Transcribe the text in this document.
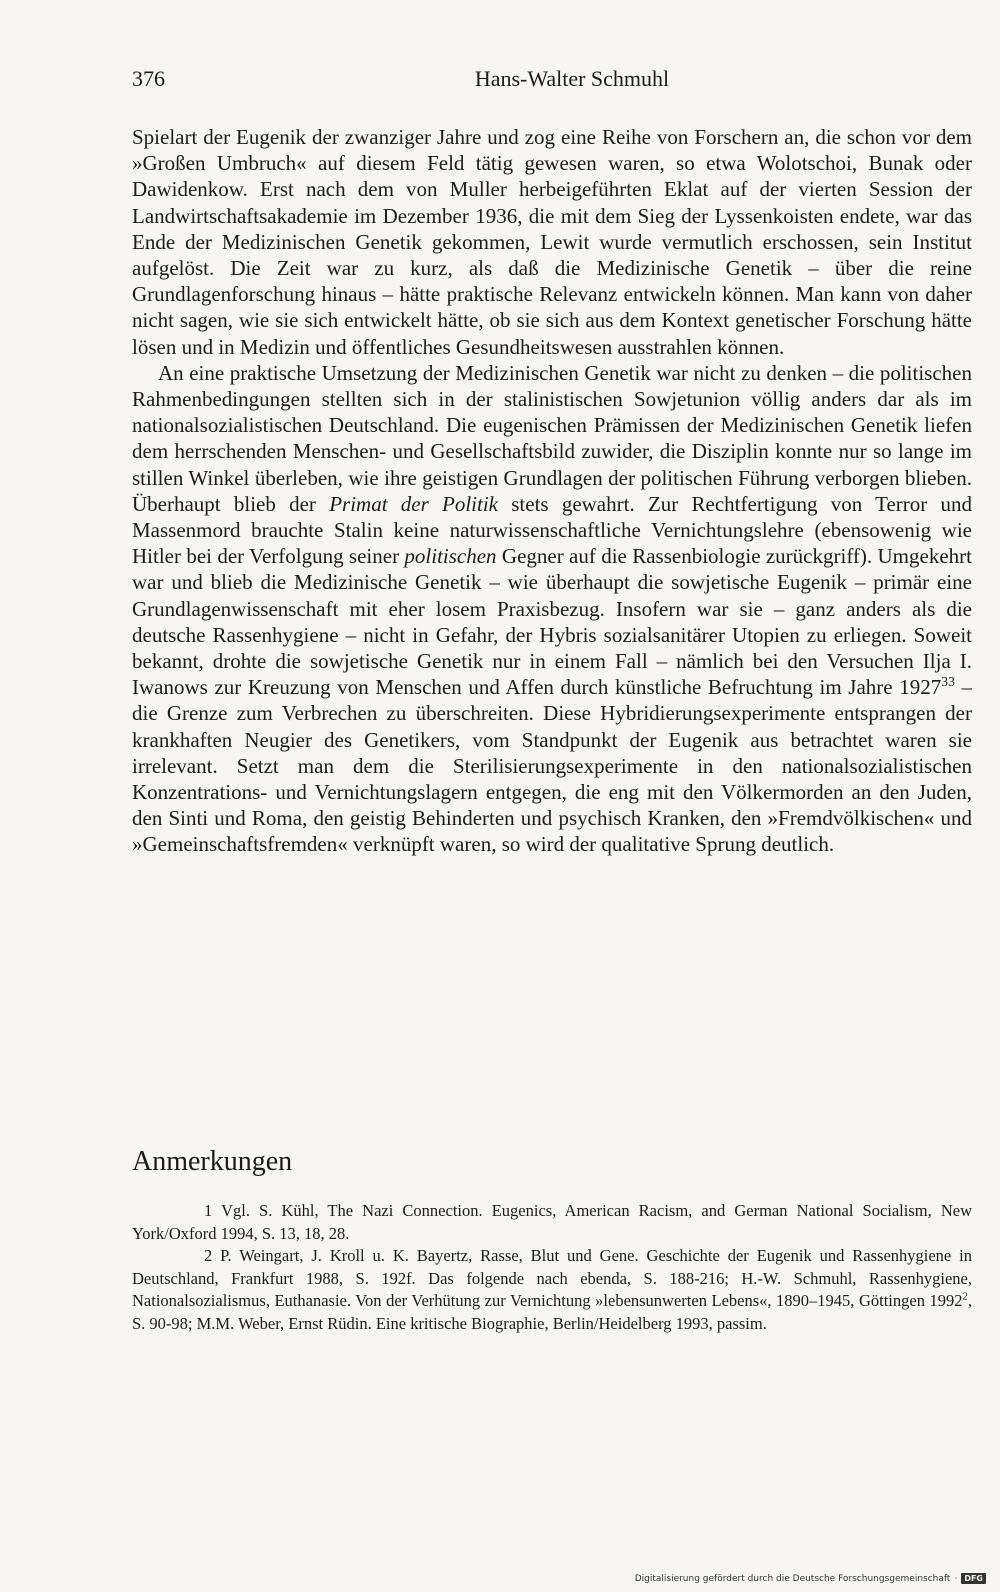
376	Hans-Walter Schmuhl

Spielart der Eugenik der zwanziger Jahre und zog eine Reihe von Forschern an, die schon vor dem »Großen Umbruch« auf diesem Feld tätig gewesen waren, so etwa Wolotschoi, Bunak oder Dawidenkow. Erst nach dem von Muller herbeigeführten Eklat auf der vierten Session der Landwirtschaftsakademie im Dezember 1936, die mit dem Sieg der Lyssenkoisten endete, war das Ende der Medizinischen Genetik gekommen, Lewit wurde vermutlich erschossen, sein Institut aufgelöst. Die Zeit war zu kurz, als daß die Medizinische Genetik – über die reine Grundlagenforschung hinaus – hätte praktische Relevanz entwickeln können. Man kann von daher nicht sagen, wie sie sich entwickelt hätte, ob sie sich aus dem Kontext genetischer Forschung hätte lösen und in Medizin und öffentliches Gesundheitswesen ausstrahlen können.

An eine praktische Umsetzung der Medizinischen Genetik war nicht zu denken – die politischen Rahmenbedingungen stellten sich in der stalinistischen Sowjetunion völlig anders dar als im nationalsozialistischen Deutschland. Die eugenischen Prämissen der Medizinischen Genetik liefen dem herrschenden Menschen- und Gesellschaftsbild zuwider, die Disziplin konnte nur so lange im stillen Winkel überleben, wie ihre geistigen Grundlagen der politischen Führung verborgen blieben. Überhaupt blieb der Primat der Politik stets gewahrt. Zur Rechtfertigung von Terror und Massenmord brauchte Stalin keine naturwissenschaftliche Vernichtungslehre (ebensowenig wie Hitler bei der Verfolgung seiner politischen Gegner auf die Rassenbiologie zurückgriff). Umgekehrt war und blieb die Medizinische Genetik – wie überhaupt die sowjetische Eugenik – primär eine Grundlagenwissenschaft mit eher losem Praxisbezug. Insofern war sie – ganz anders als die deutsche Rassenhygiene – nicht in Gefahr, der Hybris sozialsanitärer Utopien zu erliegen. Soweit bekannt, drohte die sowjetische Genetik nur in einem Fall – nämlich bei den Versuchen Ilja I. Iwanows zur Kreuzung von Menschen und Affen durch künstliche Befruchtung im Jahre 1927$^{33}$ – die Grenze zum Verbrechen zu überschreiten. Diese Hybridierungsexperimente entsprangen der krankhaften Neugier des Genetikers, vom Standpunkt der Eugenik aus betrachtet waren sie irrelevant. Setzt man dem die Sterilisierungsexperimente in den nationalsozialistischen Konzentrations- und Vernichtungslagern entgegen, die eng mit den Völkermorden an den Juden, den Sinti und Roma, den geistig Behinderten und psychisch Kranken, den »Fremdvölkischen« und »Gemeinschaftsfremden« verknüpft waren, so wird der qualitative Sprung deutlich.

Anmerkungen

1 Vgl. S. Kühl, The Nazi Connection. Eugenics, American Racism, and German National Socialism, New York/Oxford 1994, S. 13, 18, 28.

2 P. Weingart, J. Kroll u. K. Bayertz, Rasse, Blut und Gene. Geschichte der Eugenik und Rassenhygiene in Deutschland, Frankfurt 1988, S. 192f. Das folgende nach ebenda, S. 188-216; H.-W. Schmuhl, Rassenhygiene, Nationalsozialismus, Euthanasie. Von der Verhütung zur Vernichtung »lebensunwerten Lebens«, 1890–1945, Göttingen 1992$^2$, S. 90-98; M.M. Weber, Ernst Rüdin. Eine kritische Biographie, Berlin/Heidelberg 1993, passim.

Digitalisierung gefördert durch die Deutsche Forschungsgemeinschaft · DFG
